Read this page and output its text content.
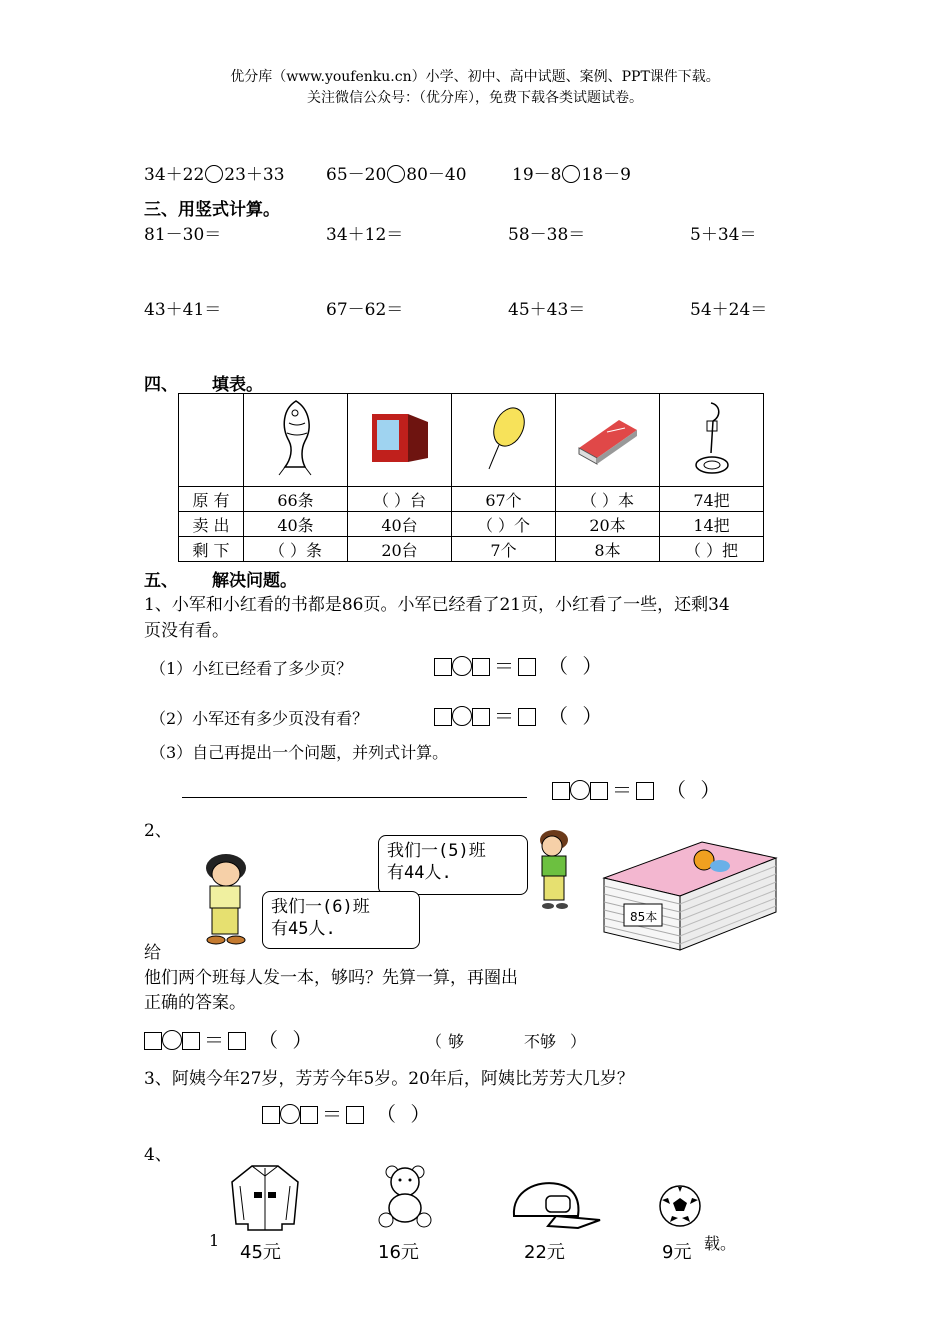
优分库（www.youfenku.cn）小学、初中、高中试题、案例、PPT课件下载。
关注微信公众号：（优分库），免费下载各类试题试卷。
34＋22 23＋33 65－20 80－40	19－8 18－9
三、用竖式计算。
81－30＝	34＋12＝	58－38＝	5＋34＝
43＋41＝	67－62＝	45＋43＝	54＋24＝
四、 填表。

原 有	66条	（ ）台	67个	（ ）本	74把
卖 出	40条	40台	（ ）个	20本	14把
剩 下	（ ）条	20台	7个	8本	（ ）把
五、 解决问题。
1、小军和小红看的书都是86页。小军已经看了21页，小红看了一些，还剩34
页没有看。
（1）小红已经看了多少页？	＝ （ ）
（2）小军还有多少页没有看？	＝ （ ）
（3）自己再提出一个问题，并列式计算。
＝ （ ）
2、
我们一(5)班
有44人.
我们一(6)班
有45人.
85本
给
他们两个班每人发一本，够吗？先算一算，再圈出
正确的答案。
＝ （ ）	（ 够	不够 ）
3、阿姨今年27岁，芳芳今年5岁。20年后，阿姨比芳芳大几岁？
＝ （ ）
4、
1
45元	16元	22元	9元 载。
